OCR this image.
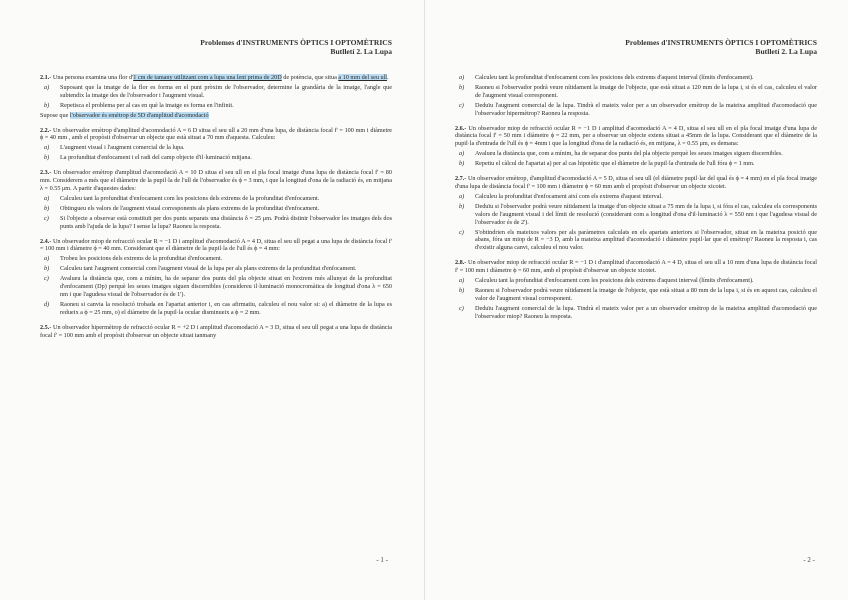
Problemes d'INSTRUMENTS ÒPTICS I OPTOMÈTRICS
Butlletí 2. La Lupa

2.1.- Una persona examina una flor d'1 cm de tamany utilitzant com a lupa una lent prima de 20D de potència, que situa a 10 mm del seu ull.

a)	Suposant que la imatge de la flor es forma en el punt pròxim de l'observador, determine la grandària de la imatge, l'angle que subtendix la imatge des de l'observador i l'augment visual.
b)	Repetisca el problema per al cas en què la imatge es forma en l'infinit.

Supose que l'observador és emètrop de 5D d'amplitud d'acomodació

2.2.- Un observador emètrop d'amplitud d'acomodació A = 6 D situa el seu ull a 20 mm d'una lupa, de distància focal f' = 100 mm i diàmetre ϕ = 40 mm , amb el propòsit d'observar un objecte que està situat a 70 mm d'aquesta. Calculeu:

a)	L'augment visual i l'augment comercial de la lupa.
b)	La profunditat d'enfocament i el radi del camp objecte d'il·luminació mitjana.

2.3.- Un observador emètrop d'amplitud d'acomodació A = 10 D situa el seu ull en el pla focal imatge d'una lupa de distància focal f' = 80 mm. Considerem a més que el diàmetre de la pupil·la de l'ull de l'observador és ϕ = 3 mm, i que la longitud d'ona de la radiació és, en mitjana λ = 0.55 μm. A partir d'aquestes dades:

a)	Calculeu tant la profunditat d'enfocament com les posicions dels extrems de la profunditat d'enfocament.
b)	Obtingueu els valors de l'augment visual corresponents als plans extrems de la profunditat d'enfocament.
c)	Si l'objecte a observar està constituït per dos punts separats una distància δ = 25 μm. Podrà distinir l'observador les imatges dels dos punts amb l'ajuda de la lupa? I sense la lupa? Raoneu la resposta.

2.4.- Un observador miop de refracció ocular R = −1 D i amplitud d'acomodació A = 4 D, situa el seu ull pegat a una lupa de distància focal f' = 100 mm i diàmetre ϕ = 40 mm. Considerant que el diàmetre de la pupil·la de l'ull és ϕ = 4 mm:

a)	Trobeu les posicions dels extrems de la profunditat d'enfocament.
b)	Calculeu tant l'augment comercial com l'augment visual de la lupa per als plans extrems de la profunditat d'enfocament.
c)	Avalueu la distància que, com a mínim, ha de separar dos punts del pla objecte situat en l'extrem més allunyat de la profunditat d'enfocament (Dp) perquè les seues imatges siguen discernibles (considereu il·luminació monocromàtica de longitud d'ona λ = 650 nm i que l'agudesa visual de l'observador és de 1').
d)	Raoneu si canvia la resolució trobada en l'apartat anterior i, en cas afirmatiu, calculeu el nou valor si: a) el diàmetre de la lupa es redueix a ϕ = 25 mm, o) el diàmetre de la pupil·la ocular disminueix a ϕ = 2 mm.

2.5.- Un observador hipermètrop de refracció ocular R = +2 D i amplitud d'acomodació A = 3 D, situa el seu ull pegat a una lupa de distància focal f' = 100 mm amb el propòsit d'observar un objecte situat tanmany

- 1 -
Problemes d'INSTRUMENTS ÒPTICS I OPTOMÈTRICS
Butlletí 2. La Lupa
a)	Calculeu tant la profunditat d'enfocament com les posicions dels extrems d'aquest interval (límits d'enfocament).
b)	Raoneu si l'observador podrà veure nítidament la imatge de l'objecte, que està situat a 120 mm de la lupa i, si és el cas, calculeu el valor de l'augment visual corresponent.
c)	Deduïu l'augment comercial de la lupa. Tindrà el mateix valor per a un observador emètrop de la mateixa amplitud d'acomodació que l'observador hipermètrop? Raoneu la resposta.

2.6.- Un observador miop de refracció ocular R = −1 D i amplitud d'acomodació A = 4 D, situa el seu ull en el pla focal imatge d'una lupa de distància focal f' = 50 mm i diàmetre ϕ = 22 mm, per a observar un objecte extens situat a 45mm de la lupa. Considerant que el diàmetre de la pupil·la d'entrada de l'ull és ϕ = 4mm i que la longitud d'ona de la radiació és, en mitjana, λ = 0.55 μm, es demana:

a)	Avalueu la distància que, com a mínim, ha de separar dos punts del pla objecte perquè les seues imatges siguen discernibles.
b)	Repetiu el càlcul de l'apartat a) per al cas hipotètic que el diàmetre de la pupil·la d'entrada de l'ull fóra ϕ = 1 mm.

2.7.- Un observador emètrop, d'amplitud d'acomodació A = 5 D, situa el seu ull (el diàmetre pupil·lar del qual és ϕ = 4 mm) en el pla focal imatge d'una lupa de distància focal f' = 100 mm i diàmetre ϕ = 60 mm amb el propòsit d'observar un objecte xicotet.

a)	Calculeu la profunditat d'enfocament així com els extrems d'aquest interval.
b)	Deduïu si l'observador podrà veure nítidament la imatge d'un objecte situat a 75 mm de la lupa i, si fóra el cas, calculeu els corresponents valors de l'augment visual i del límit de resolució (considerant com a longitud d'ona d'il·luminació λ = 550 nm i que l'agudesa visual de l'observador és de 2').
c)	S'obtindrien els mateixos valors per als paràmetres calculats en els apartats anteriors si l'observador, situat en la mateixa posició que abans, fóra un miop de R = −3 D, amb la mateixa amplitud d'acomodació i diàmetre pupil·lar que el emètrop? Raoneu la resposta i, cas d'existir alguna canvi, calculeu el nou valor.

2.8.- Un observador miop de refracció ocular R = −1 D i d'amplitud d'acomodació A = 4 D, situa el seu ull a 10 mm d'una lupa de distància focal f' = 100 mm i diàmetre ϕ = 60 mm, amb el propòsit d'observar un objecte xicotet.

a)	Calculeu tant la profunditat d'enfocament com les posicions dels extrems d'aquest interval (límits d'enfocament).
b)	Raoneu si l'observador podrà veure nítidament la imatge de l'objecte, que està situat a 80 mm de la lupa i, si és en aquest cas, calculeu el valor de l'augment visual corresponent.
c)	Deduïu l'augment comercial de la lupa. Tindrà el mateix valor per a un observador emètrop de la mateixa amplitud d'acomodació que l'observador miop? Raoneu la resposta.
- 2 -
